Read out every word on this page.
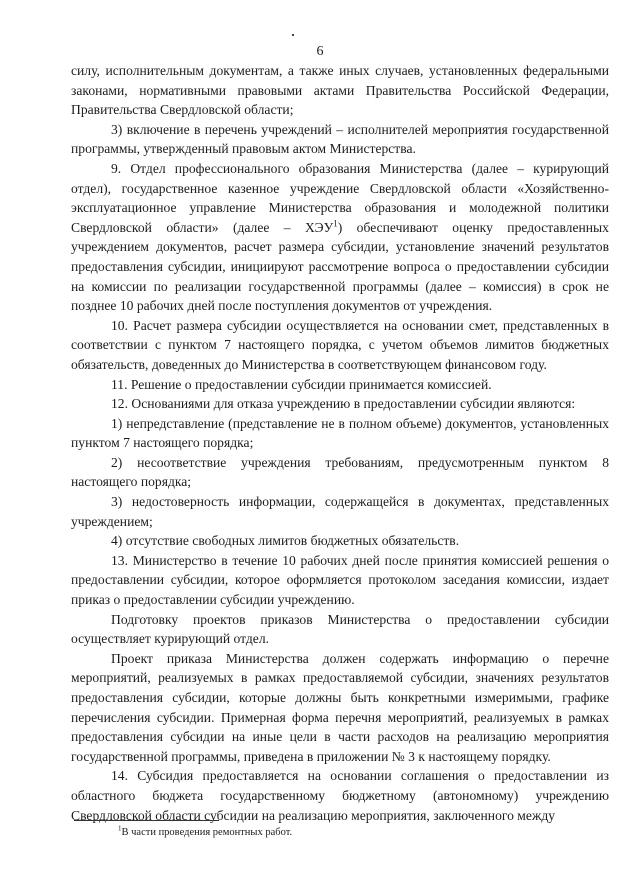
6

силу, исполнительным документам, а также иных случаев, установленных федеральными законами, нормативными правовыми актами Правительства Российской Федерации, Правительства Свердловской области;

3) включение в перечень учреждений – исполнителей мероприятия государственной программы, утвержденный правовым актом Министерства.

9. Отдел профессионального образования Министерства (далее – курирующий отдел), государственное казенное учреждение Свердловской области «Хозяйственно-эксплуатационное управление Министерства образования и молодежной политики Свердловской области» (далее – ХЭУ$^1$) обеспечивают оценку предоставленных учреждением документов, расчет размера субсидии, установление значений результатов предоставления субсидии, инициируют рассмотрение вопроса о предоставлении субсидии на комиссии по реализации государственной программы (далее – комиссия) в срок не позднее 10 рабочих дней после поступления документов от учреждения.

10. Расчет размера субсидии осуществляется на основании смет, представленных в соответствии с пунктом 7 настоящего порядка, с учетом объемов лимитов бюджетных обязательств, доведенных до Министерства в соответствующем финансовом году.

11. Решение о предоставлении субсидии принимается комиссией.

12. Основаниями для отказа учреждению в предоставлении субсидии являются:

1) непредставление (представление не в полном объеме) документов, установленных пунктом 7 настоящего порядка;

2) несоответствие учреждения требованиям, предусмотренным пунктом 8 настоящего порядка;

3) недостоверность информации, содержащейся в документах, представленных учреждением;

4) отсутствие свободных лимитов бюджетных обязательств.

13. Министерство в течение 10 рабочих дней после принятия комиссией решения о предоставлении субсидии, которое оформляется протоколом заседания комиссии, издает приказ о предоставлении субсидии учреждению.

Подготовку проектов приказов Министерства о предоставлении субсидии осуществляет курирующий отдел.

Проект приказа Министерства должен содержать информацию о перечне мероприятий, реализуемых в рамках предоставляемой субсидии, значениях результатов предоставления субсидии, которые должны быть конкретными измеримыми, графике перечисления субсидии. Примерная форма перечня мероприятий, реализуемых в рамках предоставления субсидии на иные цели в части расходов на реализацию мероприятия государственной программы, приведена в приложении № 3 к настоящему порядку.

14. Субсидия предоставляется на основании соглашения о предоставлении из областного бюджета государственному бюджетному (автономному) учреждению Свердловской области субсидии на реализацию мероприятия, заключенного между

$^1$В части проведения ремонтных работ.
